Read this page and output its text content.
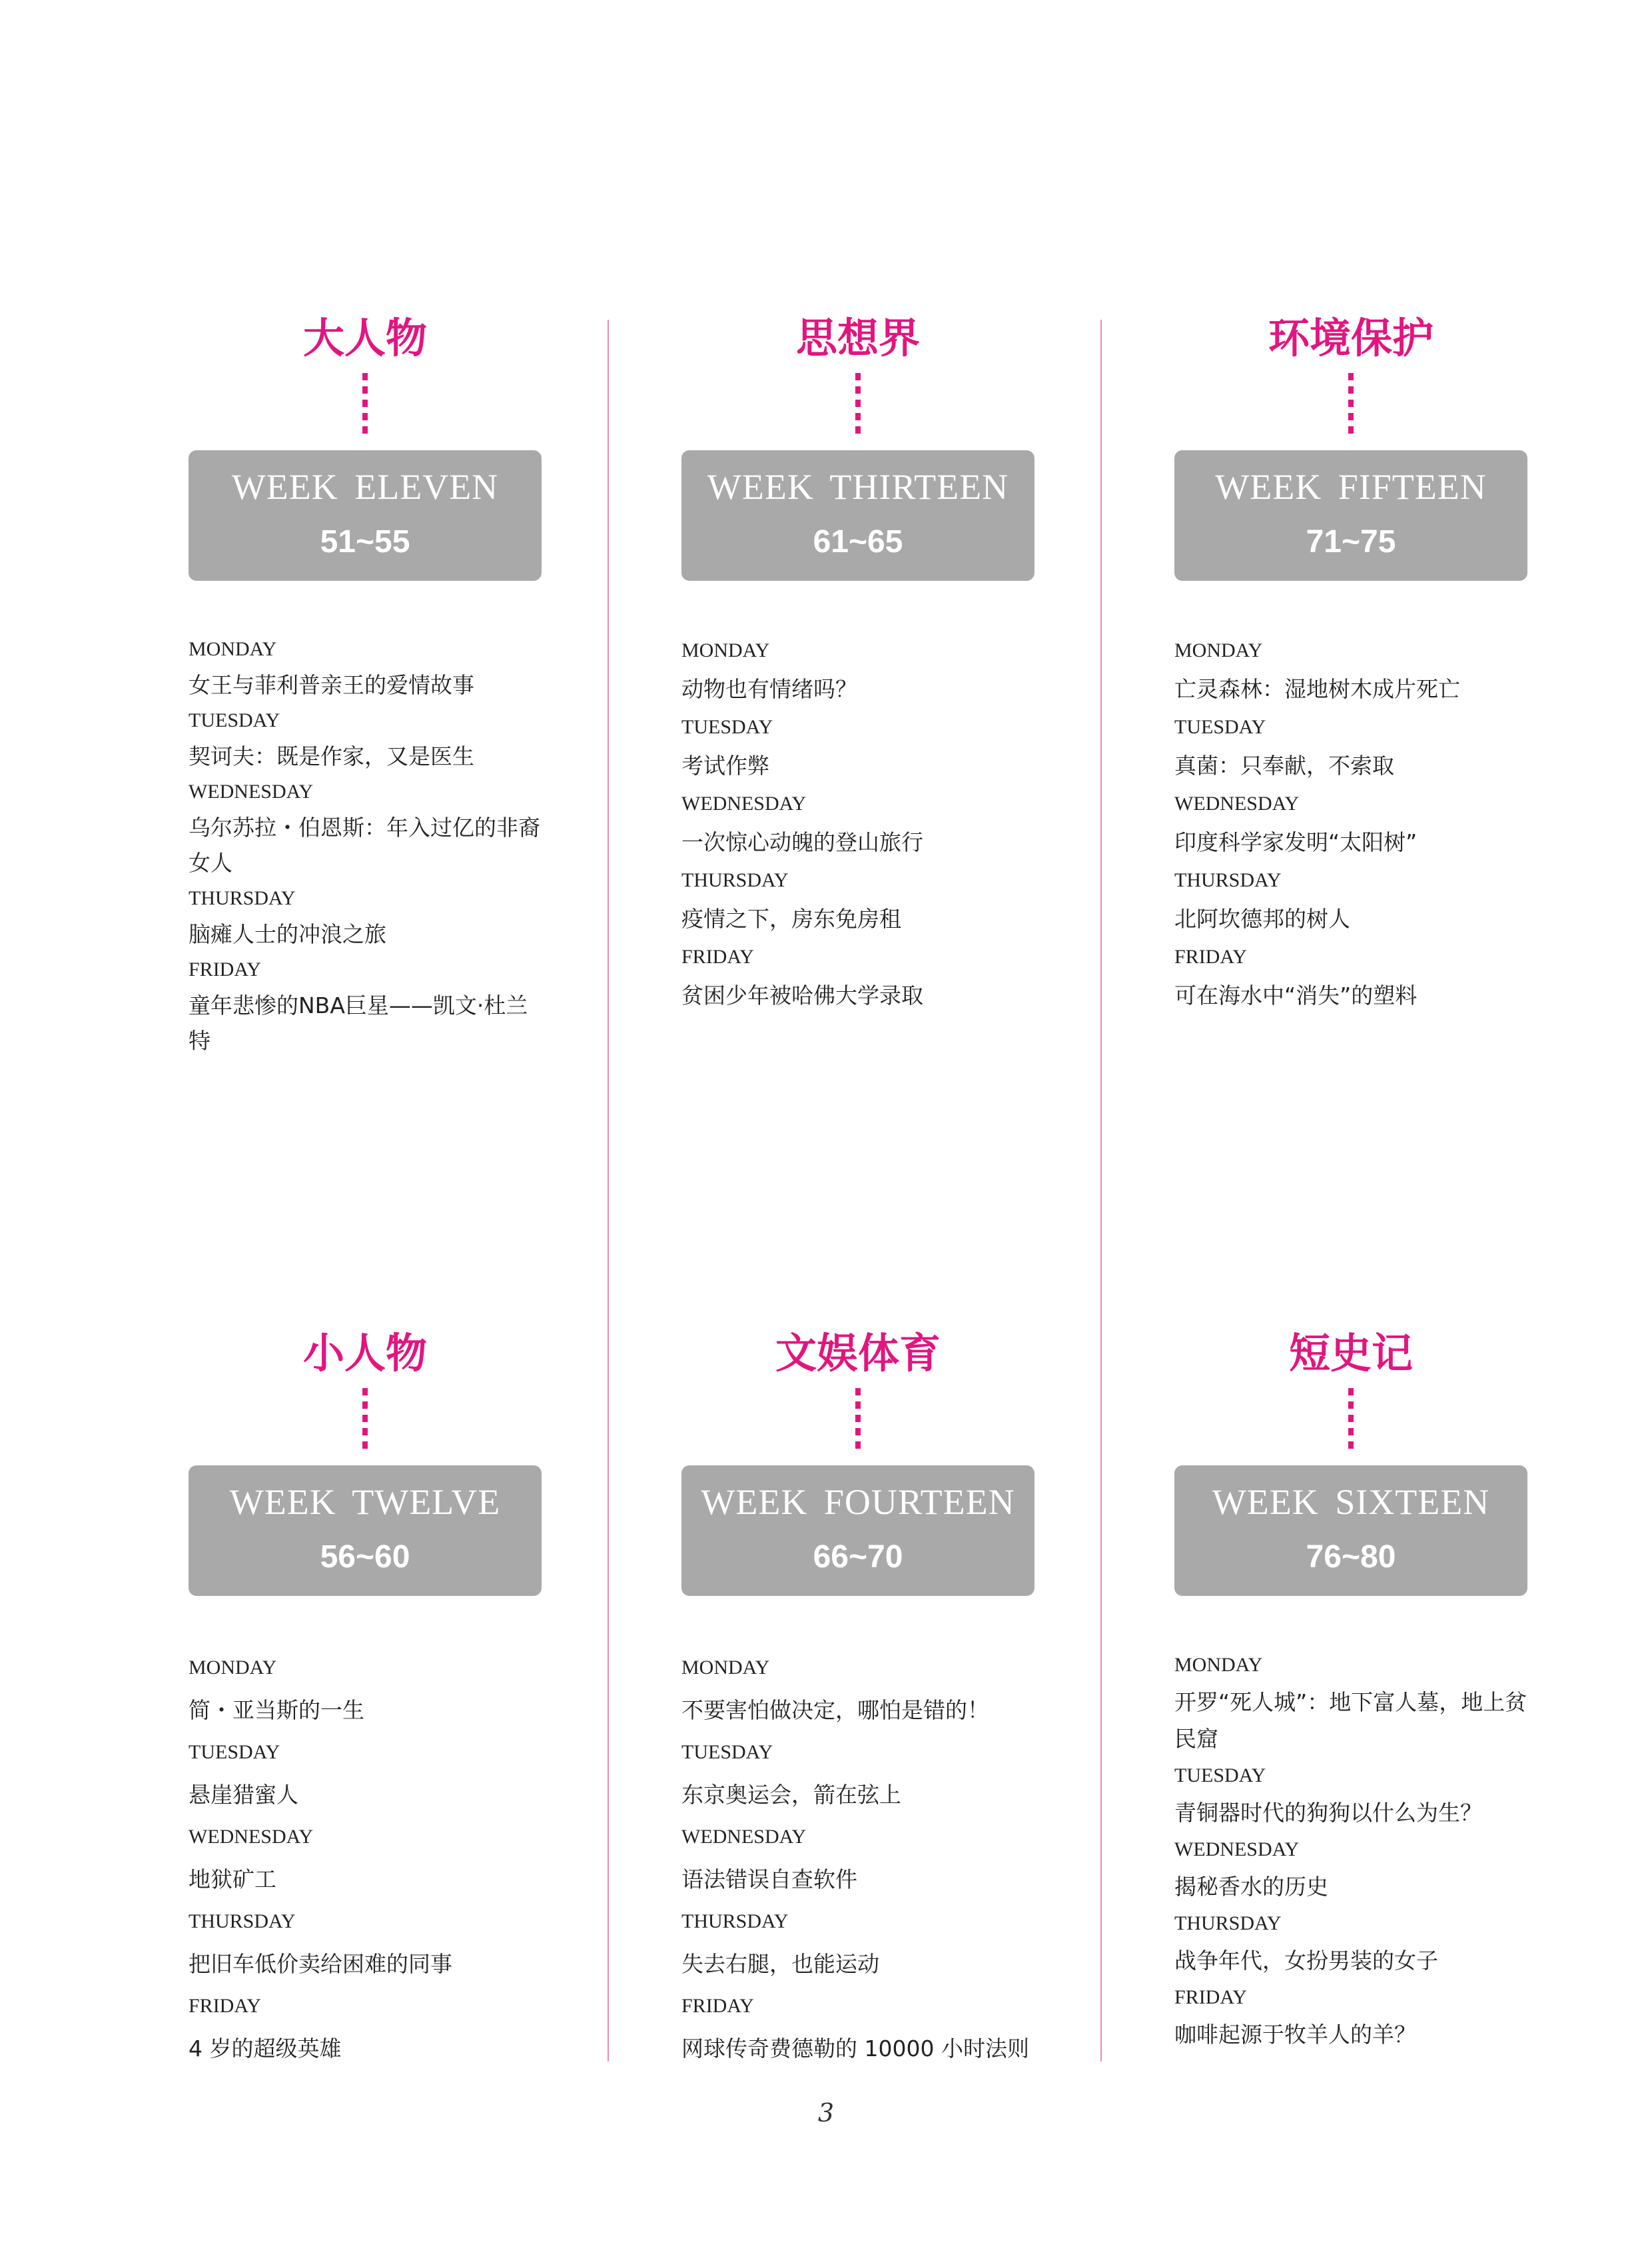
大人物
WEEK ELEVEN
51~55
MONDAY
女王与菲利普亲王的爱情故事
TUESDAY
契诃夫：既是作家，又是医生
WEDNESDAY
乌尔苏拉・伯恩斯：年入过亿的非裔女人
THURSDAY
脑瘫人士的冲浪之旅
FRIDAY
童年悲惨的NBA巨星——凯文·杜兰特
思想界
WEEK THIRTEEN
61~65
MONDAY
动物也有情绪吗？
TUESDAY
考试作弊
WEDNESDAY
一次惊心动魄的登山旅行
THURSDAY
疫情之下，房东免房租
FRIDAY
贫困少年被哈佛大学录取
环境保护
WEEK FIFTEEN
71~75
MONDAY
亡灵森林：湿地树木成片死亡
TUESDAY
真菌：只奉献，不索取
WEDNESDAY
印度科学家发明“太阳树”
THURSDAY
北阿坎德邦的树人
FRIDAY
可在海水中“消失”的塑料
小人物
WEEK TWELVE
56~60
MONDAY
简・亚当斯的一生
TUESDAY
悬崖猎蜜人
WEDNESDAY
地狱矿工
THURSDAY
把旧车低价卖给困难的同事
FRIDAY
4 岁的超级英雄
文娱体育
WEEK FOURTEEN
66~70
MONDAY
不要害怕做决定，哪怕是错的！
TUESDAY
东京奥运会，箭在弦上
WEDNESDAY
语法错误自查软件
THURSDAY
失去右腿，也能运动
FRIDAY
网球传奇费德勒的 10000 小时法则
短史记
WEEK SIXTEEN
76~80
MONDAY
开罗“死人城”：地下富人墓，地上贫民窟
TUESDAY
青铜器时代的狗狗以什么为生？
WEDNESDAY
揭秘香水的历史
THURSDAY
战争年代，女扮男装的女子
FRIDAY
咖啡起源于牧羊人的羊？
3
